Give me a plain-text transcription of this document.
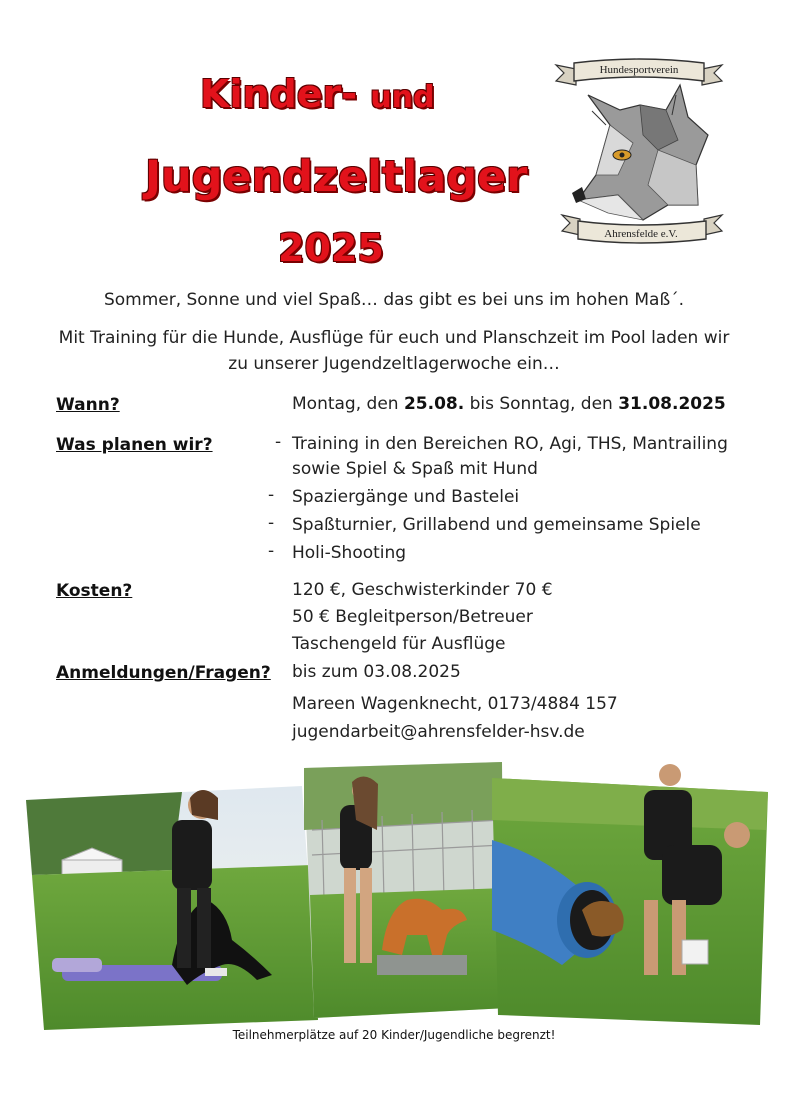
Kinder- und
Jugendzeltlager
2025
Hundesportverein
Ahrensfelde e.V.
Sommer, Sonne und viel Spaß… das gibt es bei uns im hohen Maß´.
Mit Training für die Hunde, Ausflüge für euch und Planschzeit im Pool laden wir
zu unserer Jugendzeltlagerwoche ein…
Wann?	Montag, den 25.08. bis Sonntag, den 31.08.2025
Was planen wir?	- Training in den Bereichen RO, Agi, THS, Mantrailing
sowie Spiel & Spaß mit Hund
- Spaziergänge und Bastelei
- Spaßturnier, Grillabend und gemeinsame Spiele
- Holi-Shooting
Kosten?	120 €, Geschwisterkinder 70 €
50 € Begleitperson/Betreuer
Taschengeld für Ausflüge
Anmeldungen/Fragen? bis zum 03.08.2025
Mareen Wagenknecht, 0173/4884 157
jugendarbeit@ahrensfelder-hsv.de
Teilnehmerplätze auf 20 Kinder/Jugendliche begrenzt!
